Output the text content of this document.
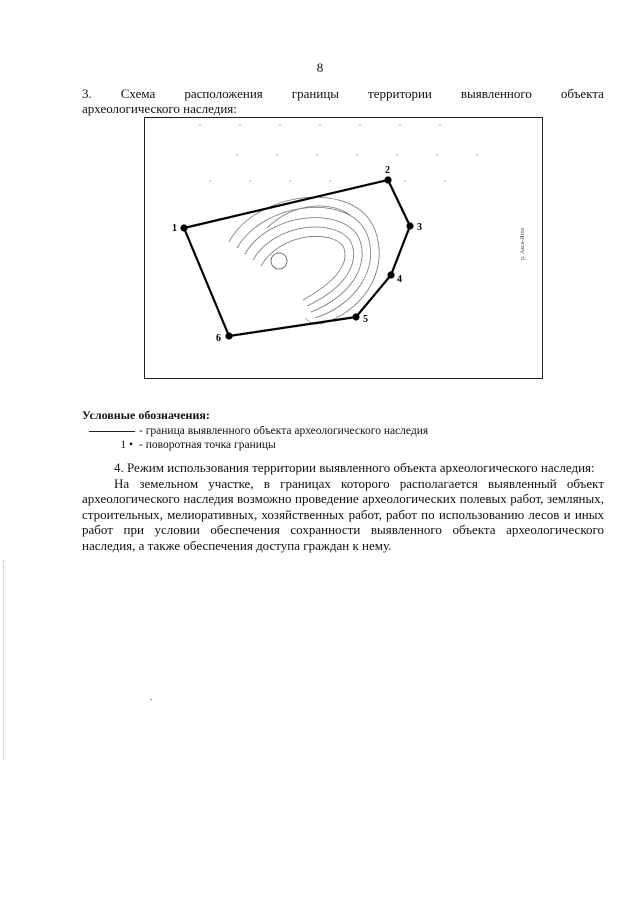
8
3. Схема расположения границы территории выявленного объекта
археологического наследия:
1
2
3
4
5
6
р. Акса-Ягоз
Условные обозначения:
- граница выявленного объекта археологического наследия
1 • - поворотная точка границы
4. Режим использования территории выявленного объекта археологического наследия:
На земельном участке, в границах которого располагается выявленный объект археологического наследия возможно проведение археологических полевых работ, земляных, строительных, мелиоративных, хозяйственных работ, работ по использованию лесов и иных работ при условии обеспечения сохранности выявленного объекта археологического наследия, а также обеспечения доступа граждан к нему.
